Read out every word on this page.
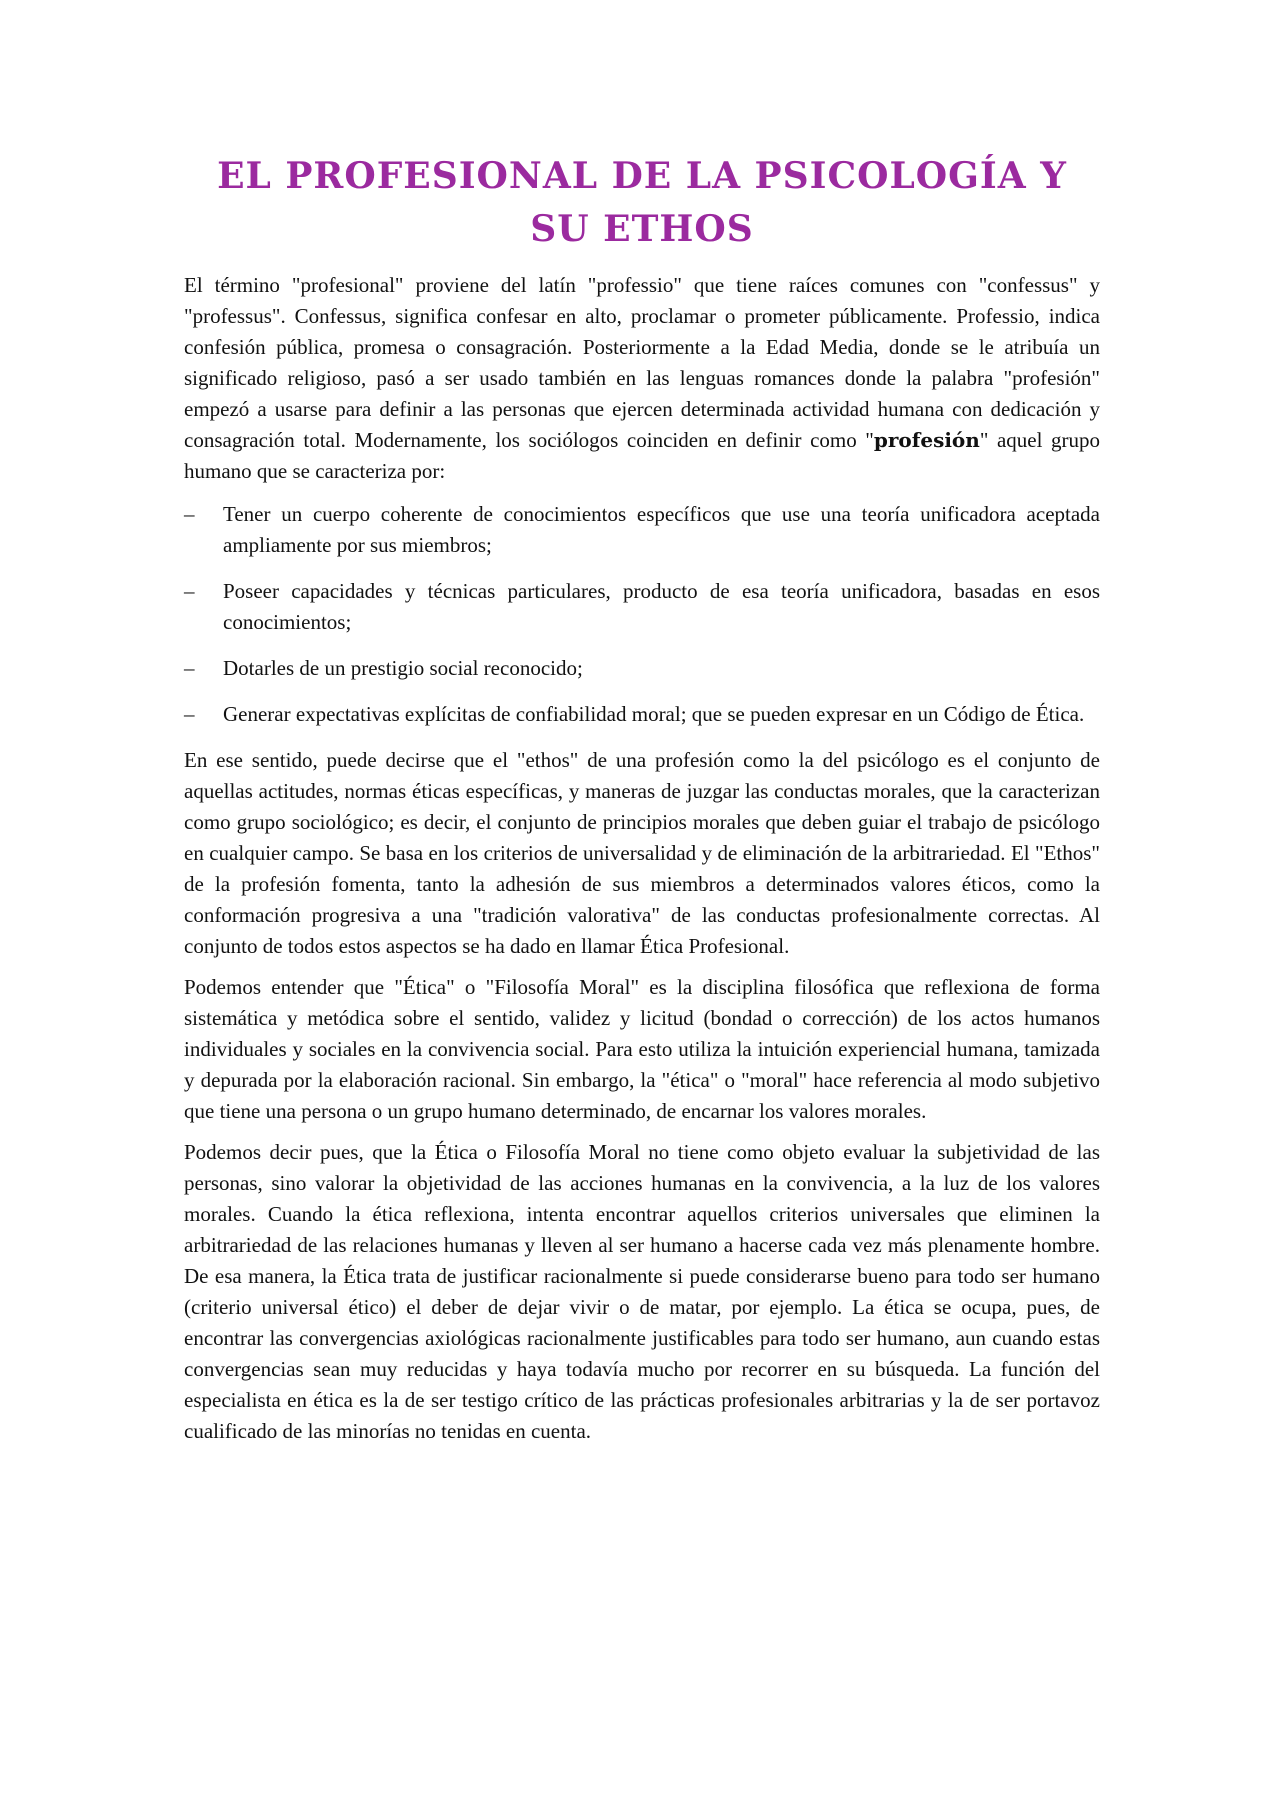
EL PROFESIONAL DE LA PSICOLOGÍA Y
SU ETHOS

El término "profesional" proviene del latín "professio" que tiene raíces comunes con "confessus" y "professus". Confessus, significa confesar en alto, proclamar o prometer públicamente. Professio, indica confesión pública, promesa o consagración. Posteriormente a la Edad Media, donde se le atribuía un significado religioso, pasó a ser usado también en las lenguas romances donde la palabra "profesión" empezó a usarse para definir a las personas que ejercen determinada actividad humana con dedicación y consagración total. Modernamente, los sociólogos coinciden en definir como "profesión" aquel grupo humano que se caracteriza por:

– Tener un cuerpo coherente de conocimientos específicos que use una teoría unificadora aceptada ampliamente por sus miembros;
– Poseer capacidades y técnicas particulares, producto de esa teoría unificadora, basadas en esos conocimientos;
– Dotarles de un prestigio social reconocido;
– Generar expectativas explícitas de confiabilidad moral; que se pueden expresar en un Código de Ética.

En ese sentido, puede decirse que el "ethos" de una profesión como la del psicólogo es el conjunto de aquellas actitudes, normas éticas específicas, y maneras de juzgar las conductas morales, que la caracterizan como grupo sociológico; es decir, el conjunto de principios morales que deben guiar el trabajo de psicólogo en cualquier campo. Se basa en los criterios de universalidad y de eliminación de la arbitrariedad. El "Ethos" de la profesión fomenta, tanto la adhesión de sus miembros a determinados valores éticos, como la conformación progresiva a una "tradición valorativa" de las conductas profesionalmente correctas. Al conjunto de todos estos aspectos se ha dado en llamar Ética Profesional.

Podemos entender que "Ética" o "Filosofía Moral" es la disciplina filosófica que reflexiona de forma sistemática y metódica sobre el sentido, validez y licitud (bondad o corrección) de los actos humanos individuales y sociales en la convivencia social. Para esto utiliza la intuición experiencial humana, tamizada y depurada por la elaboración racional. Sin embargo, la "ética" o "moral" hace referencia al modo subjetivo que tiene una persona o un grupo humano determinado, de encarnar los valores morales.

Podemos decir pues, que la Ética o Filosofía Moral no tiene como objeto evaluar la subjetividad de las personas, sino valorar la objetividad de las acciones humanas en la convivencia, a la luz de los valores morales. Cuando la ética reflexiona, intenta encontrar aquellos criterios universales que eliminen la arbitrariedad de las relaciones humanas y lleven al ser humano a hacerse cada vez más plenamente hombre. De esa manera, la Ética trata de justificar racionalmente si puede considerarse bueno para todo ser humano (criterio universal ético) el deber de dejar vivir o de matar, por ejemplo. La ética se ocupa, pues, de encontrar las convergencias axiológicas racionalmente justificables para todo ser humano, aun cuando estas convergencias sean muy reducidas y haya todavía mucho por recorrer en su búsqueda. La función del especialista en ética es la de ser testigo crítico de las prácticas profesionales arbitrarias y la de ser portavoz cualificado de las minorías no tenidas en cuenta.
